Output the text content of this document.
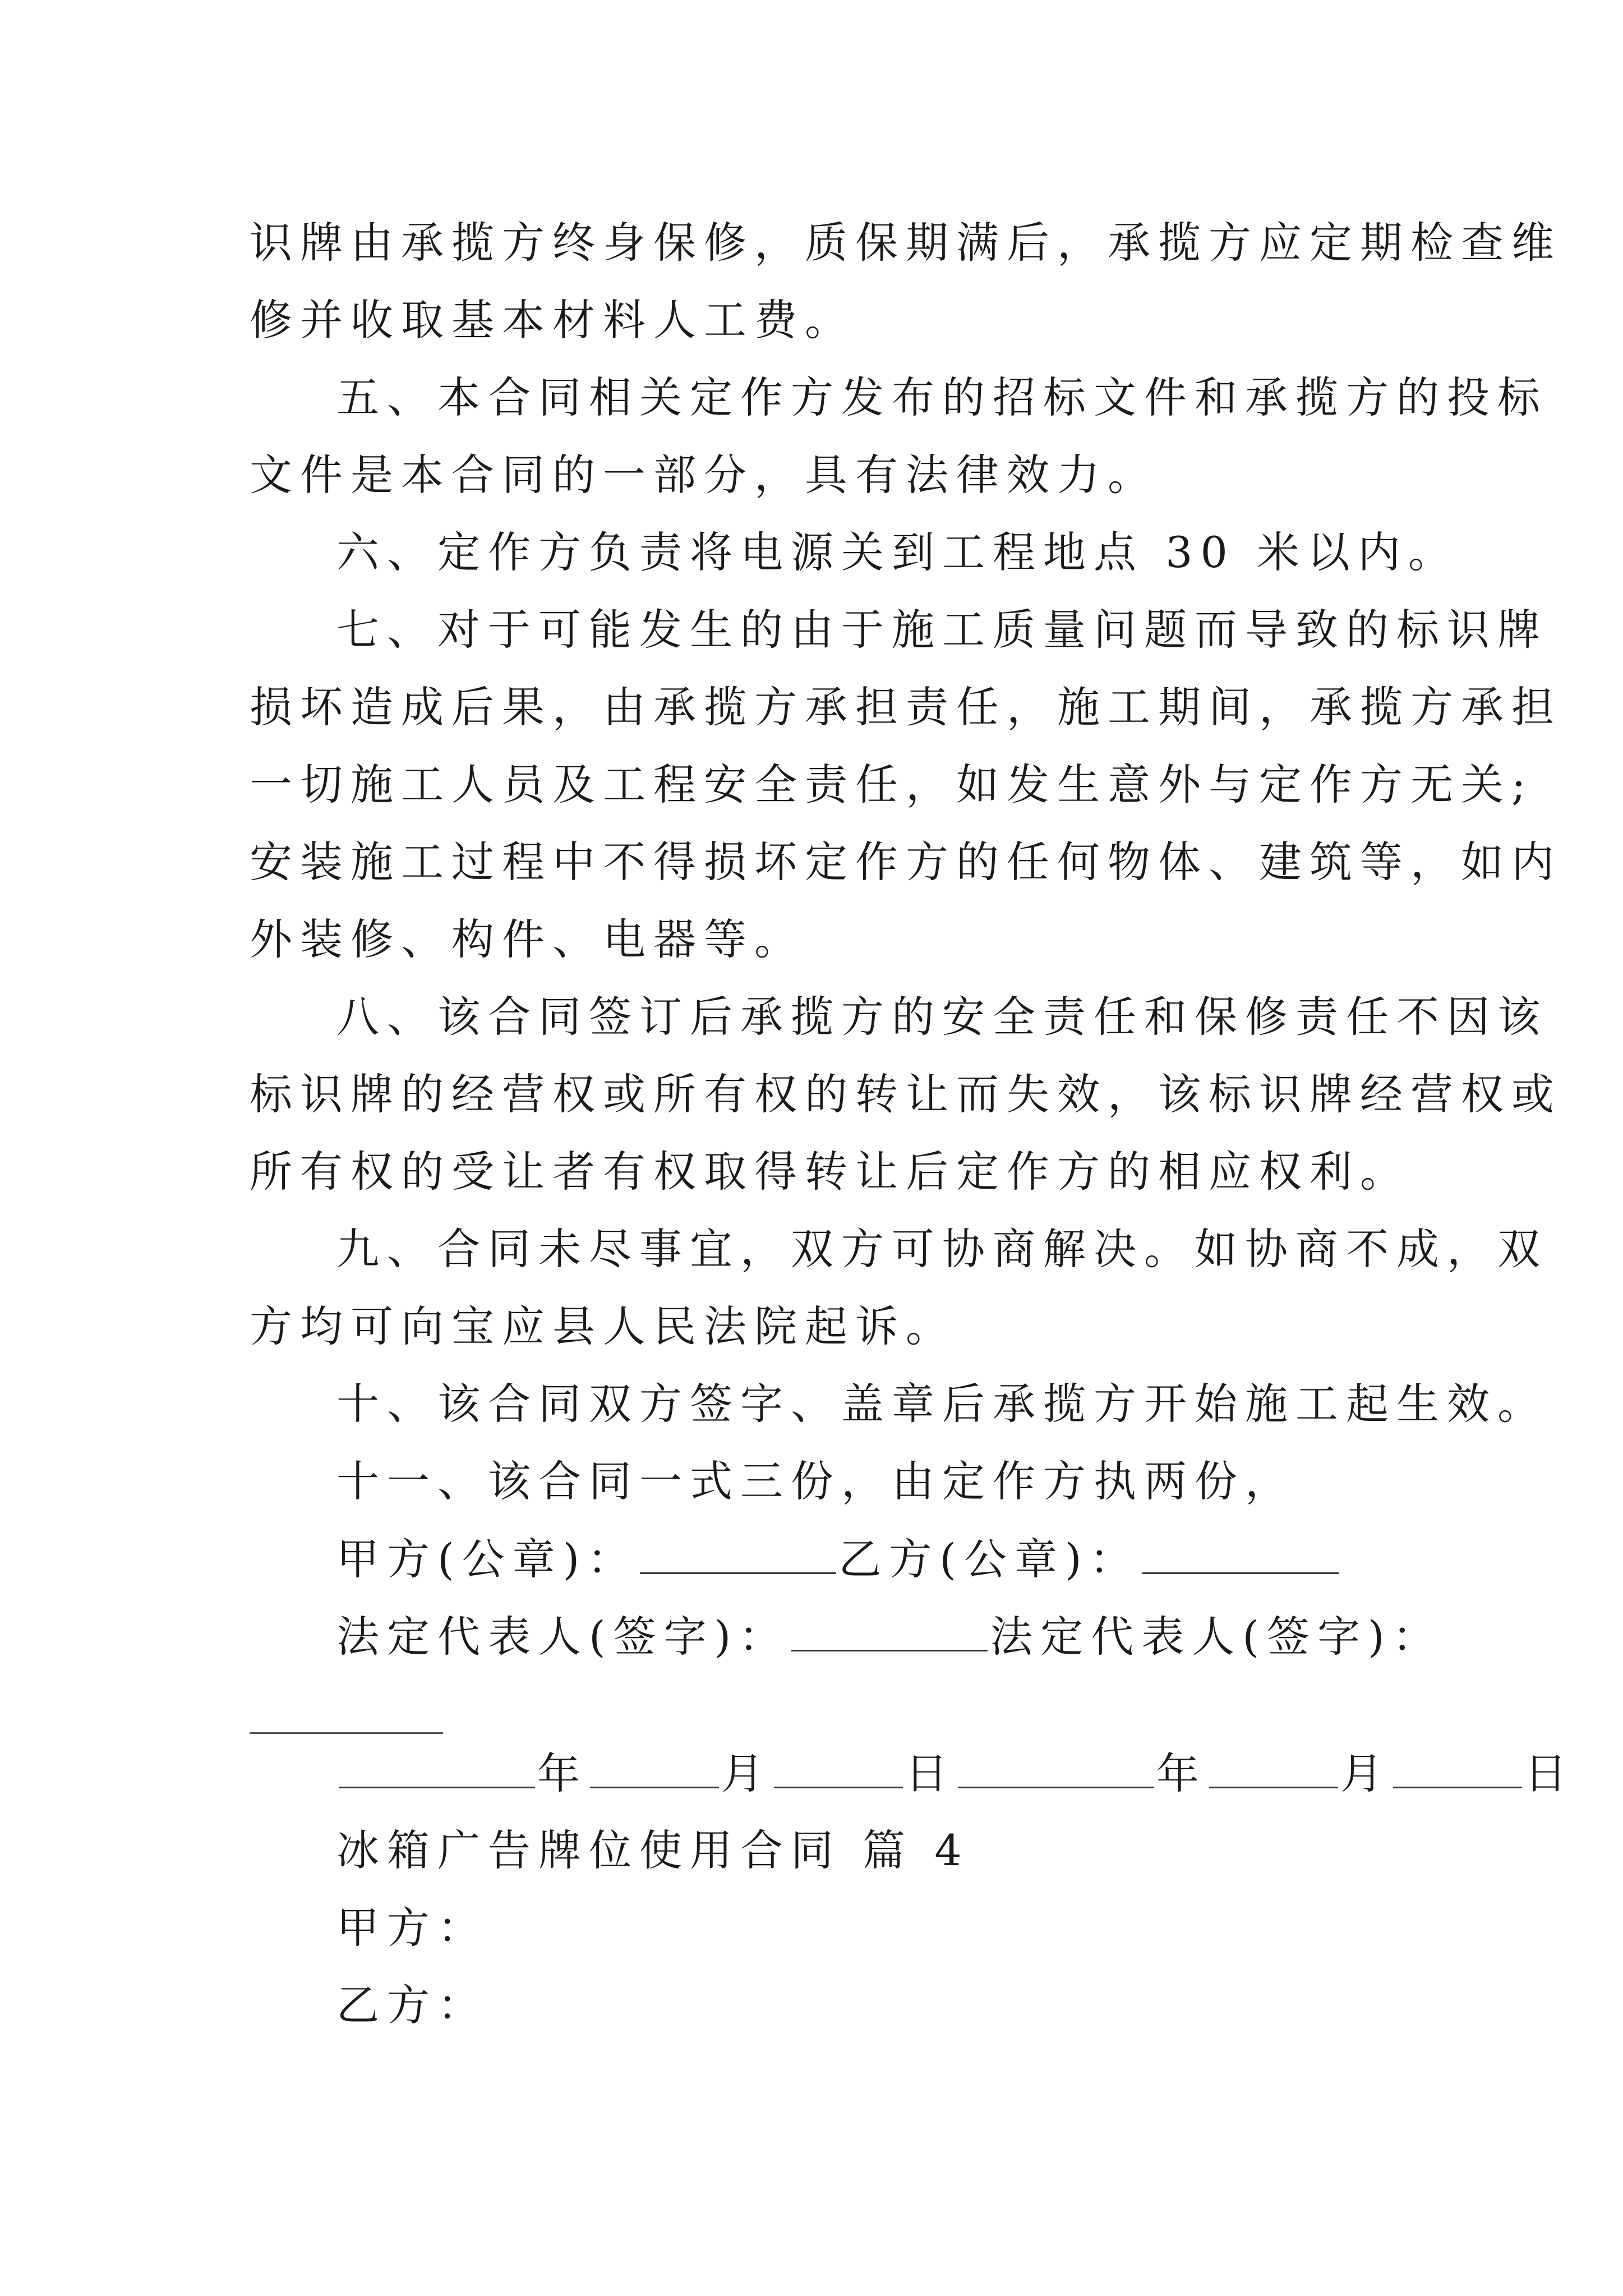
识牌由承揽方终身保修，质保期满后，承揽方应定期检查维
修并收取基本材料人工费。
五、本合同相关定作方发布的招标文件和承揽方的投标
文件是本合同的一部分，具有法律效力。
六、定作方负责将电源关到工程地点 30 米以内。
七、对于可能发生的由于施工质量问题而导致的标识牌
损坏造成后果，由承揽方承担责任，施工期间，承揽方承担
一切施工人员及工程安全责任，如发生意外与定作方无关;
安装施工过程中不得损坏定作方的任何物体、建筑等，如内
外装修、构件、电器等。
八、该合同签订后承揽方的安全责任和保修责任不因该
标识牌的经营权或所有权的转让而失效，该标识牌经营权或
所有权的受让者有权取得转让后定作方的相应权利。
九、合同未尽事宜，双方可协商解决。如协商不成，双
方均可向宝应县人民法院起诉。
十、该合同双方签字、盖章后承揽方开始施工起生效。
十一、该合同一式三份，由定作方执两份，
甲方(公章)：	乙方(公章)：
法定代表人(签字)：	法定代表人(签字)：
年	月	日	年	月	日
冰箱广告牌位使用合同 篇 4
甲方：
乙方：
